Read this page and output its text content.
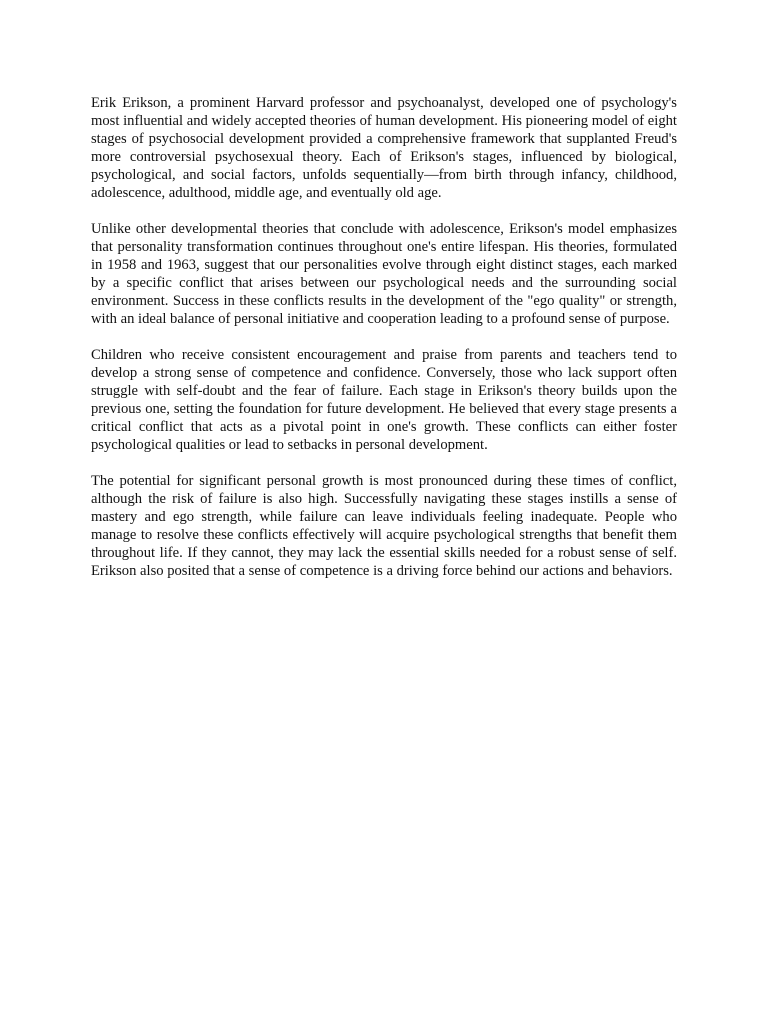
Erik Erikson, a prominent Harvard professor and psychoanalyst, developed one of psychology's most influential and widely accepted theories of human development. His pioneering model of eight stages of psychosocial development provided a comprehensive framework that supplanted Freud's more controversial psychosexual theory. Each of Erikson's stages, influenced by biological, psychological, and social factors, unfolds sequentially—from birth through infancy, childhood, adolescence, adulthood, middle age, and eventually old age.

Unlike other developmental theories that conclude with adolescence, Erikson's model emphasizes that personality transformation continues throughout one's entire lifespan. His theories, formulated in 1958 and 1963, suggest that our personalities evolve through eight distinct stages, each marked by a specific conflict that arises between our psychological needs and the surrounding social environment. Success in these conflicts results in the development of the "ego quality" or strength, with an ideal balance of personal initiative and cooperation leading to a profound sense of purpose.

Children who receive consistent encouragement and praise from parents and teachers tend to develop a strong sense of competence and confidence. Conversely, those who lack support often struggle with self-doubt and the fear of failure. Each stage in Erikson's theory builds upon the previous one, setting the foundation for future development. He believed that every stage presents a critical conflict that acts as a pivotal point in one's growth. These conflicts can either foster psychological qualities or lead to setbacks in personal development.

The potential for significant personal growth is most pronounced during these times of conflict, although the risk of failure is also high. Successfully navigating these stages instills a sense of mastery and ego strength, while failure can leave individuals feeling inadequate. People who manage to resolve these conflicts effectively will acquire psychological strengths that benefit them throughout life. If they cannot, they may lack the essential skills needed for a robust sense of self. Erikson also posited that a sense of competence is a driving force behind our actions and behaviors.
